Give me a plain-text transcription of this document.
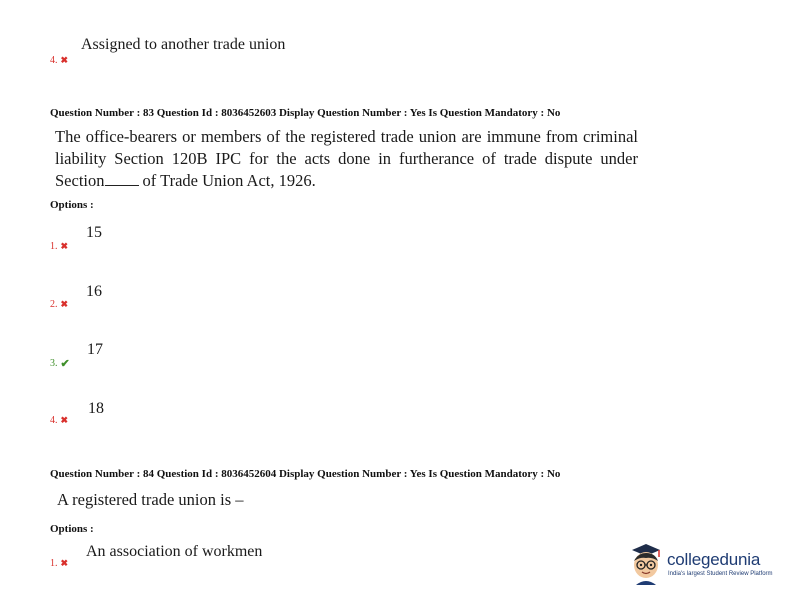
Assigned to another trade union
4. ✖
Question Number : 83 Question Id : 8036452603 Display Question Number : Yes Is Question Mandatory : No
The office-bearers or members of the registered trade union are immune from criminal
liability Section 120B IPC for the acts done in furtherance of trade dispute under
Section of Trade Union Act, 1926.
Options :
15
1. ✖
16
2. ✖
17
3. ✔
18
4. ✖
Question Number : 84 Question Id : 8036452604 Display Question Number : Yes Is Question Mandatory : No
A registered trade union is –
Options :
An association of workmen
1. ✖	collegedunia
India's largest Student Review Platform
